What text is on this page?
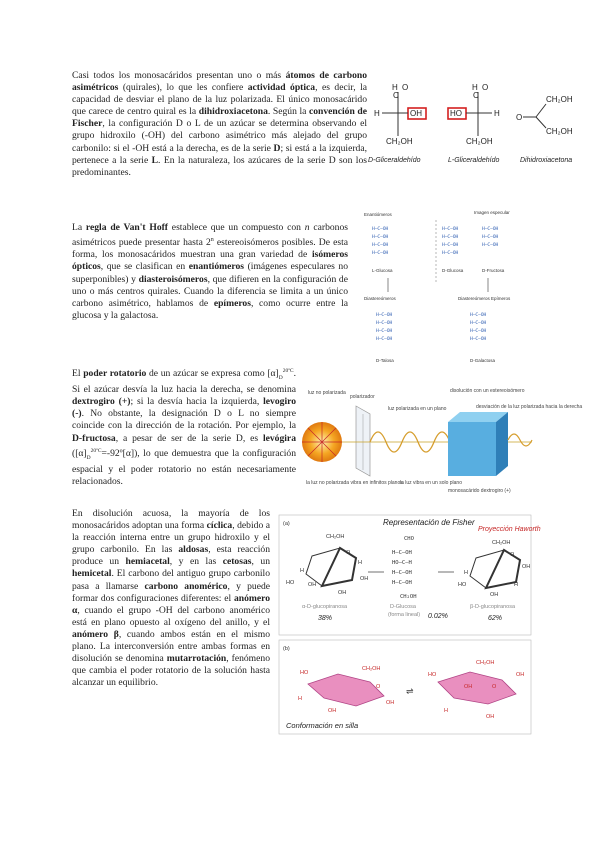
Casi todos los monosacáridos presentan uno o más átomos de carbono asimétricos (quirales), lo que les confiere actividad óptica, es decir, la capacidad de desviar el plano de la luz polarizada. El único monosacárido que carece de centro quiral es la dihidroxiacetona. Según la convención de Fischer, la configuración D o L de un azúcar se determina observando el grupo hidroxilo (-OH) del carbono asimétrico más alejado del grupo carbonilo: si el -OH está a la derecha, es de la serie D; si está a la izquierda, pertenece a la serie L. En la naturaleza, los azúcares de la serie D son los predominantes.

H O
C
H	OH
CH₂OH
D-Gliceraldehído
H O
C
HO	H
CH₂OH
L-Gliceraldehído
O
CH₂OH
CH₂OH
Dihidroxiacetona

La regla de Van't Hoff establece que un compuesto con n carbonos asimétricos puede presentar hasta 2$^n$ estereoisómeros posibles. De esta forma, los monosacáridos muestran una gran variedad de isómeros ópticos, que se clasifican en enantiómeros (imágenes especulares no superponibles) y diasteroisómeros, que difieren en la configuración de uno o más centros quirales. Cuando la diferencia se limita a un único carbono asimétrico, hablamos de epímeros, como ocurre entre la glucosa y la galactosa.

Enantiómeros	Imagen especular
H–C–OH
H–C–OH
H–C–OH
H–C–OH
H–C–OH
H–C–OH
H–C–OH
H–C–OH
H–C–OH
H–C–OH
H–C–OH
L-Glucosa	D-Glucosa	D-Fructosa
Diastereómeros	Diastereómeros Epímeros
H–C–OH
H–C–OH
H–C–OH
H–C–OH
H–C–OH
H–C–OH
H–C–OH
H–C–OH
D-Talosa	D-Galactosa

El poder rotatorio de un azúcar se expresa como $[\alpha]_D^{20ºC}$. Si el azúcar desvía la luz hacia la derecha, se denomina dextrogiro (+); si la desvía hacia la izquierda, levogiro (-). No obstante, la designación D o L no siempre coincide con la dirección de la rotación. Por ejemplo, la D-fructosa, a pesar de ser de la serie D, es levógira $([\alpha]_D^{20ºC}=-92º[\alpha])$, lo que demuestra que la configuración espacial y el poder rotatorio no están necesariamente relacionados.

luz no polarizada
polarizador
luz polarizada en un plano
disolución con un estereoisómero
desviación de la luz polarizada hacia la derecha
la luz no polarizada vibra en infinitos planos
la luz vibra en un solo plano
monosacárido dextrogiro (+)

En disolución acuosa, la mayoría de los monosacáridos adoptan una forma cíclica, debido a la reacción interna entre un grupo hidroxilo y el grupo carbonilo. En las aldosas, esta reacción produce un hemiacetal, y en las cetosas, un hemicetal. El carbono del antiguo grupo carbonilo pasa a llamarse carbono anomérico, y puede formar dos configuraciones diferentes: el anómero α, cuando el grupo -OH del carbono anomérico está en plano opuesto al oxígeno del anillo, y el anómero β, cuando ambos están en el mismo plano. La interconversión entre ambas formas en disolución se denomina mutarrotación, fenómeno que cambia el poder rotatorio de la solución hasta alcanzar un equilibrio.

(a)	Representación de Fisher
Proyección Haworth
CH₂OH
O
H
OH
OH
OH
H
HO
α-D-glucopiranosa
38%
CHO
H–C–OH
HO–C–H
H–C–OH
H–C–OH
CH₂OH
D-Glucosa
(forma lineal) 0.02%
CH₂OH
O
OH
H
HO
OH
H
β-D-glucopiranosa
62%
(b)
HO
CH₂OH
O
OH
OH
H
⇌
CH₂OH
O
OH
HO	OH
H
OH
Conformación en silla
